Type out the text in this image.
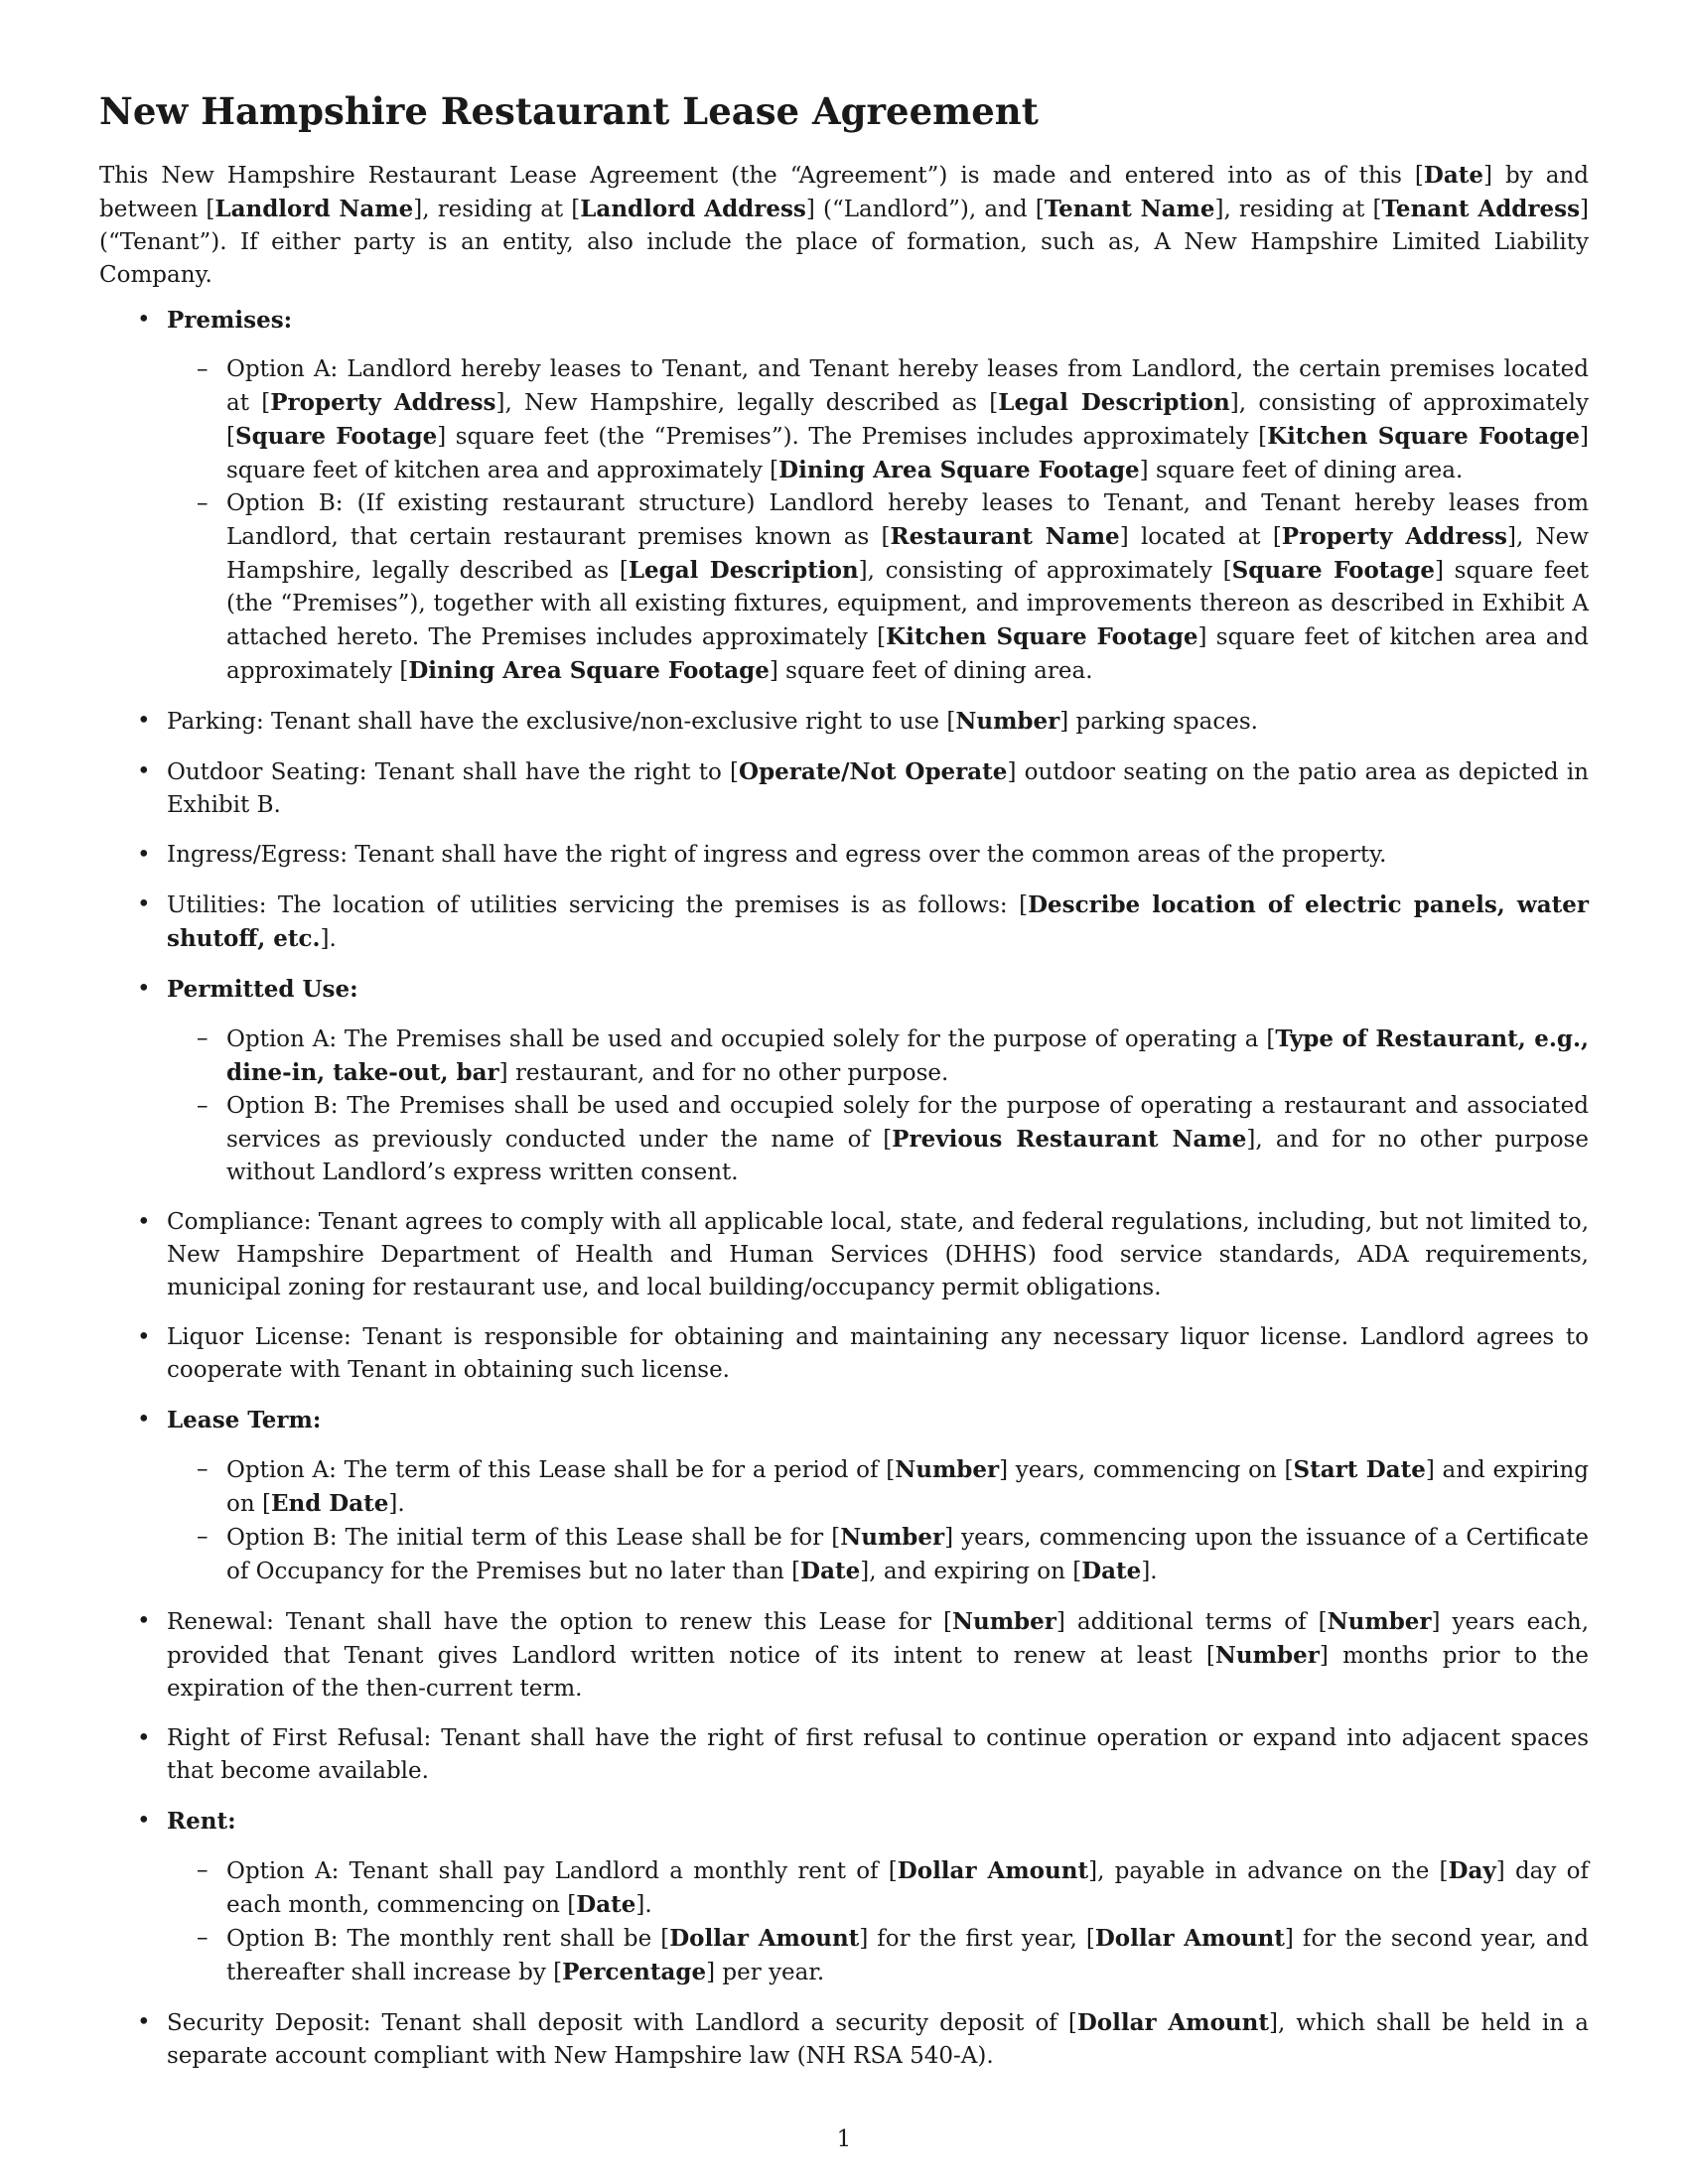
New Hampshire Restaurant Lease Agreement

This New Hampshire Restaurant Lease Agreement (the “Agreement”) is made and entered into as of this [Date] by and between [Landlord Name], residing at [Landlord Address] (“Landlord”), and [Tenant Name], residing at [Tenant Address] (“Tenant”). If either party is an entity, also include the place of formation, such as, A New Hampshire Limited Liability Company.

• Premises:
– Option A: Landlord hereby leases to Tenant, and Tenant hereby leases from Landlord, the certain premises located at [Property Address], New Hampshire, legally described as [Legal Description], consisting of approximately [Square Footage] square feet (the “Premises”). The Premises includes approximately [Kitchen Square Footage] square feet of kitchen area and approximately [Dining Area Square Footage] square feet of dining area.
– Option B: (If existing restaurant structure) Landlord hereby leases to Tenant, and Tenant hereby leases from Landlord, that certain restaurant premises known as [Restaurant Name] located at [Property Address], New Hampshire, legally described as [Legal Description], consisting of approximately [Square Footage] square feet (the “Premises”), together with all existing fixtures, equipment, and improvements thereon as described in Exhibit A attached hereto. The Premises includes approximately [Kitchen Square Footage] square feet of kitchen area and approximately [Dining Area Square Footage] square feet of dining area.
• Parking: Tenant shall have the exclusive/non-exclusive right to use [Number] parking spaces.
• Outdoor Seating: Tenant shall have the right to [Operate/Not Operate] outdoor seating on the patio area as depicted in Exhibit B.
• Ingress/Egress: Tenant shall have the right of ingress and egress over the common areas of the property.
• Utilities: The location of utilities servicing the premises is as follows: [Describe location of electric panels, water shutoff, etc.].
• Permitted Use:
– Option A: The Premises shall be used and occupied solely for the purpose of operating a [Type of Restaurant, e.g., dine-in, take-out, bar] restaurant, and for no other purpose.
– Option B: The Premises shall be used and occupied solely for the purpose of operating a restaurant and associated services as previously conducted under the name of [Previous Restaurant Name], and for no other purpose without Landlord’s express written consent.
• Compliance: Tenant agrees to comply with all applicable local, state, and federal regulations, including, but not limited to, New Hampshire Department of Health and Human Services (DHHS) food service standards, ADA requirements, municipal zoning for restaurant use, and local building/occupancy permit obligations.
• Liquor License: Tenant is responsible for obtaining and maintaining any necessary liquor license. Landlord agrees to cooperate with Tenant in obtaining such license.
• Lease Term:
– Option A: The term of this Lease shall be for a period of [Number] years, commencing on [Start Date] and expiring on [End Date].
– Option B: The initial term of this Lease shall be for [Number] years, commencing upon the issuance of a Certificate of Occupancy for the Premises but no later than [Date], and expiring on [Date].
• Renewal: Tenant shall have the option to renew this Lease for [Number] additional terms of [Number] years each, provided that Tenant gives Landlord written notice of its intent to renew at least [Number] months prior to the expiration of the then-current term.
• Right of First Refusal: Tenant shall have the right of first refusal to continue operation or expand into adjacent spaces that become available.
• Rent:
– Option A: Tenant shall pay Landlord a monthly rent of [Dollar Amount], payable in advance on the [Day] day of each month, commencing on [Date].
– Option B: The monthly rent shall be [Dollar Amount] for the first year, [Dollar Amount] for the second year, and thereafter shall increase by [Percentage] per year.
• Security Deposit: Tenant shall deposit with Landlord a security deposit of [Dollar Amount], which shall be held in a separate account compliant with New Hampshire law (NH RSA 540-A).
1
